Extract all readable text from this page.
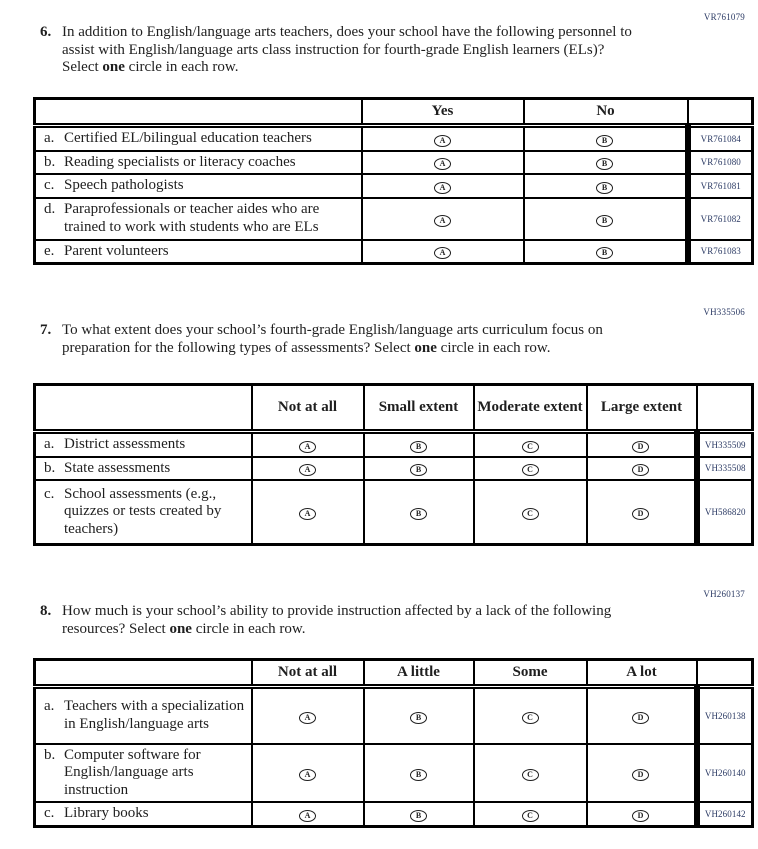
VR761079
6. In addition to English/language arts teachers, does your school have the following personnel to assist with English/language arts class instruction for fourth-grade English learners (ELs)? Select one circle in each row.
	Yes	No	

a. Certified EL/bilingual education teachers	A	B	VR761084

b. Reading specialists or literacy coaches	A	B	VR761080

c. Speech pathologists	A	B	VR761081

d. Paraprofessionals or teacher aides who are trained to work with students who are ELs	A	B	VR761082

e. Parent volunteers	A	B	VR761083
VH335506
7. To what extent does your school’s fourth-grade English/language arts curriculum focus on preparation for the following types of assessments? Select one circle in each row.
	Not at all	Small extent	Moderate extent	Large extent	

a. District assessments	A	B	C	D	VH335509

b. State assessments	A	B	C	D	VH335508

c. School assessments (e.g., quizzes or tests created by teachers)	A	B	C	D	VH586820
VH260137
8. How much is your school’s ability to provide instruction affected by a lack of the following resources? Select one circle in each row.
	Not at all	A little	Some	A lot	

a. Teachers with a specialization in English/language arts	A	B	C	D	VH260138

b. Computer software for English/language arts instruction	A	B	C	D	VH260140

c. Library books	A	B	C	D	VH260142
